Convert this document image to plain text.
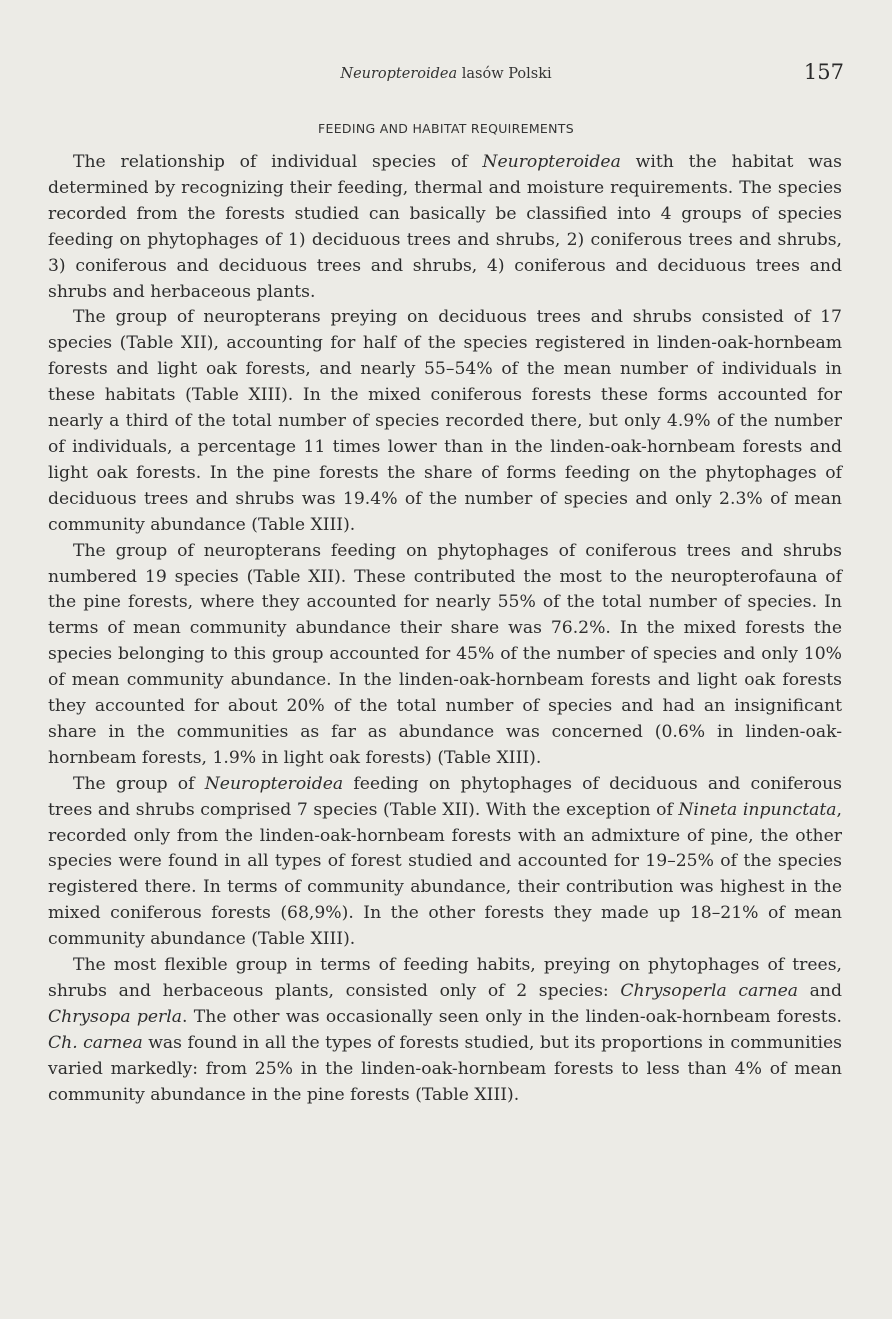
Neuropteroidea lasów Polski	157
FEEDING AND HABITAT REQUIREMENTS

The relationship of individual species of Neuropteroidea with the habitat was determined by recognizing their feeding, thermal and moisture requirements. The species recorded from the forests studied can basically be classified into 4 groups of species feeding on phytophages of 1) deciduous trees and shrubs, 2) coniferous trees and shrubs, 3) coniferous and deciduous trees and shrubs, 4) coniferous and deciduous trees and shrubs and herbaceous plants.

The group of neuropterans preying on deciduous trees and shrubs consisted of 17 species (Table XII), accounting for half of the species registered in linden-oak-hornbeam forests and light oak forests, and nearly 55–54% of the mean number of individuals in these habitats (Table XIII). In the mixed coniferous forests these forms accounted for nearly a third of the total number of species recorded there, but only 4.9% of the number of individuals, a percentage 11 times lower than in the linden-oak-hornbeam forests and light oak forests. In the pine forests the share of forms feeding on the phytophages of deciduous trees and shrubs was 19.4% of the number of species and only 2.3% of mean community abundance (Table XIII).

The group of neuropterans feeding on phytophages of coniferous trees and shrubs numbered 19 species (Table XII). These contributed the most to the neuropterofauna of the pine forests, where they accounted for nearly 55% of the total number of species. In terms of mean community abundance their share was 76.2%. In the mixed forests the species belonging to this group accounted for 45% of the number of species and only 10% of mean community abundance. In the linden-oak-hornbeam forests and light oak forests they accounted for about 20% of the total number of species and had an insignificant share in the communities as far as abundance was concerned (0.6% in linden-oak-hornbeam forests, 1.9% in light oak forests) (Table XIII).

The group of Neuropteroidea feeding on phytophages of deciduous and coniferous trees and shrubs comprised 7 species (Table XII). With the exception of Nineta inpunctata, recorded only from the linden-oak-hornbeam forests with an admixture of pine, the other species were found in all types of forest studied and accounted for 19–25% of the species registered there. In terms of community abundance, their contribution was highest in the mixed coniferous forests (68,9%). In the other forests they made up 18–21% of mean community abundance (Table XIII).

The most flexible group in terms of feeding habits, preying on phytophages of trees, shrubs and herbaceous plants, consisted only of 2 species: Chrysoperla carnea and Chrysopa perla. The other was occasionally seen only in the linden-oak-hornbeam forests. Ch. carnea was found in all the types of forests studied, but its proportions in communities varied markedly: from 25% in the linden-oak-hornbeam forests to less than 4% of mean community abundance in the pine forests (Table XIII).
